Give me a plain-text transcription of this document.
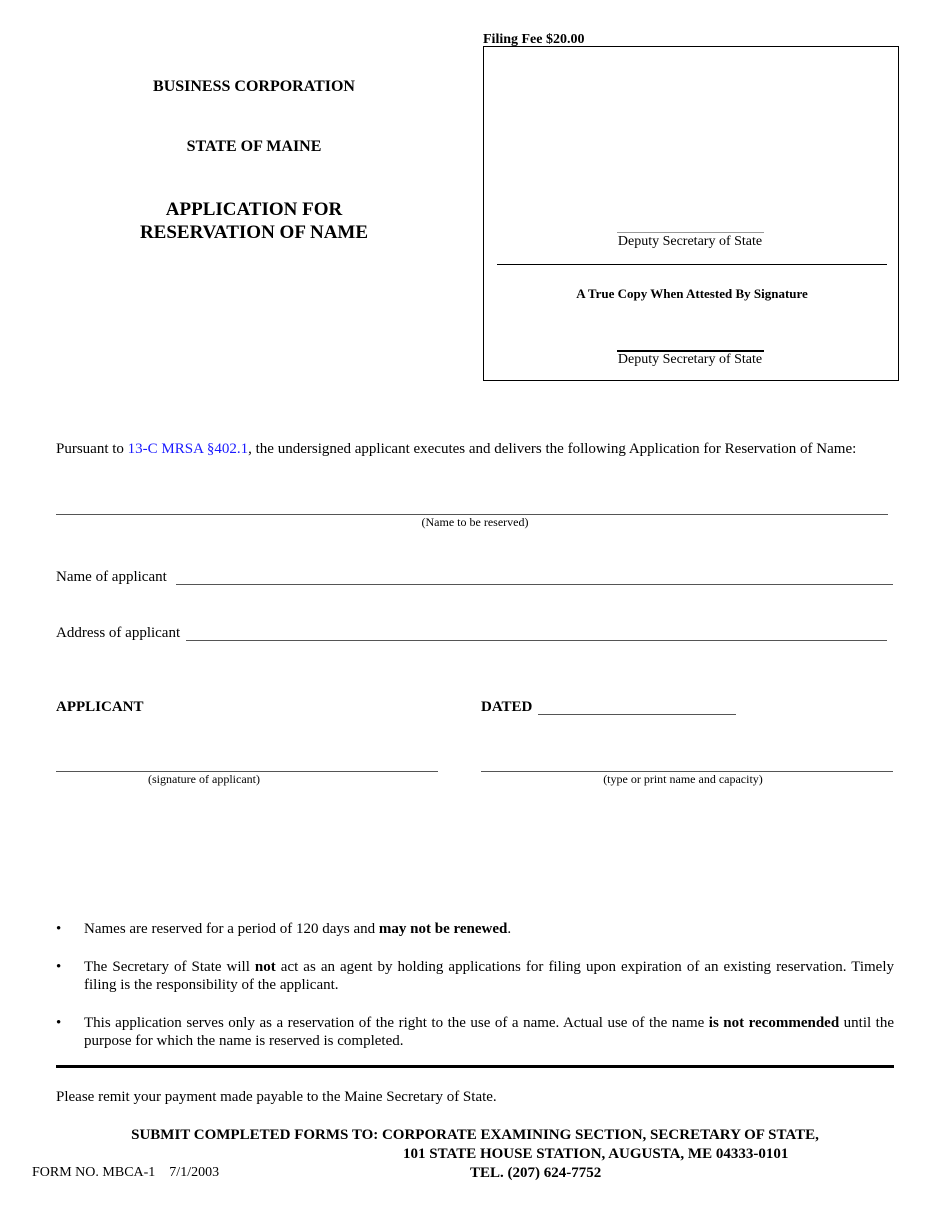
Filing Fee $20.00
Deputy Secretary of State
A True Copy When Attested By Signature
Deputy Secretary of State
BUSINESS CORPORATION
STATE OF MAINE
APPLICATION FOR
RESERVATION OF NAME
Pursuant to 13-C MRSA §402.1, the undersigned applicant executes and delivers the following Application for Reservation of Name:
(Name to be reserved)
Name of applicant
Address of applicant
APPLICANT	DATED
(signature of applicant)	(type or print name and capacity)
• Names are reserved for a period of 120 days and may not be renewed.
• The Secretary of State will not act as an agent by holding applications for filing upon expiration of an existing reservation. Timely filing is the responsibility of the applicant.
• This application serves only as a reservation of the right to the use of a name. Actual use of the name is not recommended until the purpose for which the name is reserved is completed.
Please remit your payment made payable to the Maine Secretary of State.
SUBMIT COMPLETED FORMS TO: CORPORATE EXAMINING SECTION, SECRETARY OF STATE,
101 STATE HOUSE STATION, AUGUSTA, ME 04333-0101
TEL. (207) 624-7752
FORM NO. MBCA-1    7/1/2003
